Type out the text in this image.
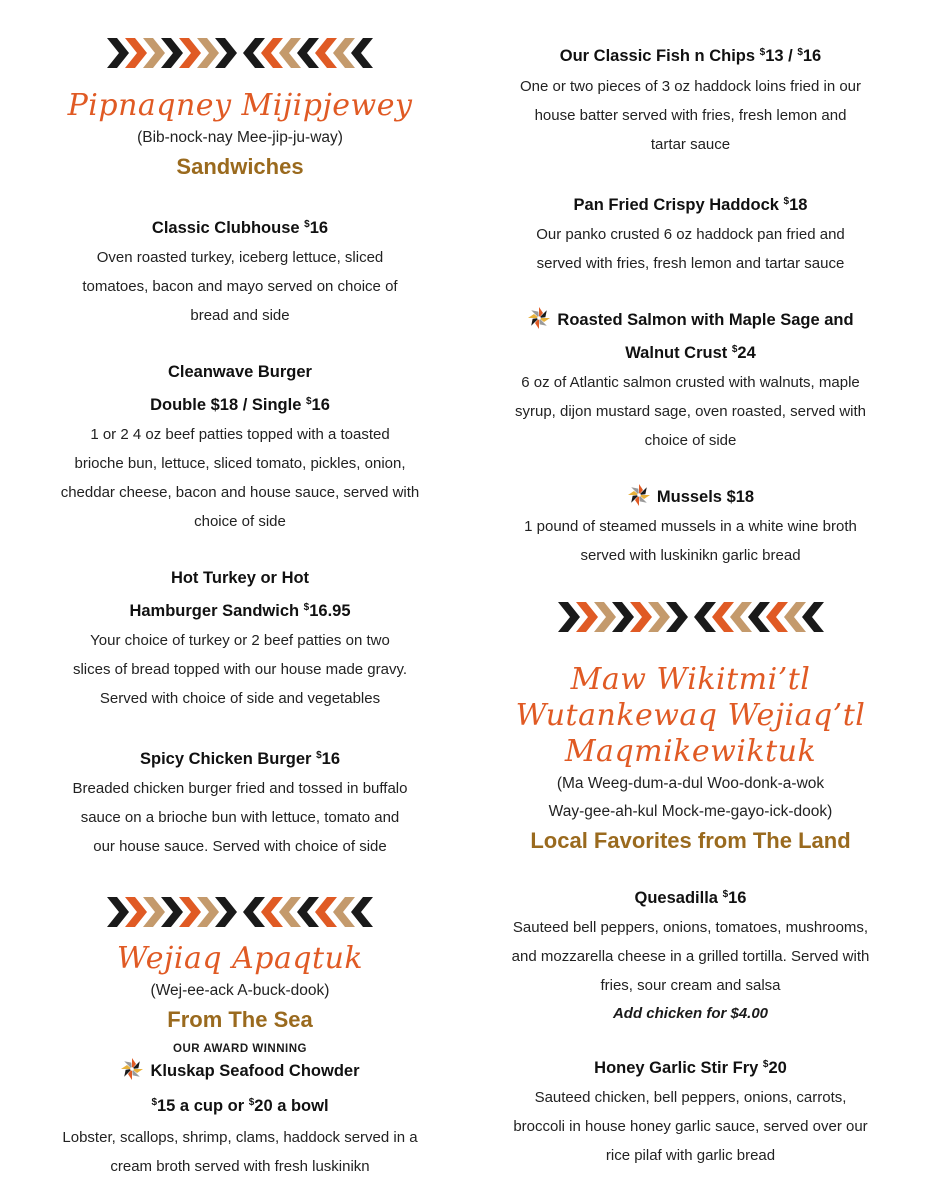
Pipnaqney Mijipjewey
(Bib-nock-nay Mee-jip-ju-way)
Sandwiches
Classic Clubhouse $16
Oven roasted turkey, iceberg lettuce, sliced
tomatoes, bacon and mayo served on choice of
bread and side
Cleanwave Burger
Double $18 / Single $16
1 or 2 4 oz beef patties topped with a toasted
brioche bun, lettuce, sliced tomato, pickles, onion,
cheddar cheese, bacon and house sauce, served with
choice of side
Hot Turkey or Hot
Hamburger Sandwich $16.95
Your choice of turkey or 2 beef patties on two
slices of bread topped with our house made gravy.
Served with choice of side and vegetables
Spicy Chicken Burger $16
Breaded chicken burger fried and tossed in buffalo
sauce on a brioche bun with lettuce, tomato and
our house sauce. Served with choice of side
Wejiaq Apaqtuk
(Wej-ee-ack A-buck-dook)
From The Sea
OUR AWARD WINNING
Kluskap Seafood Chowder
$15 a cup or $20 a bowl
Lobster, scallops, shrimp, clams, haddock served in a
cream broth served with fresh luskinikn
Our Classic Fish n Chips $13 / $16
One or two pieces of 3 oz haddock loins fried in our
house batter served with fries, fresh lemon and
tartar sauce
Pan Fried Crispy Haddock $18
Our panko crusted 6 oz haddock pan fried and
served with fries, fresh lemon and tartar sauce
Roasted Salmon with Maple Sage and
Walnut Crust $24
6 oz of Atlantic salmon crusted with walnuts, maple
syrup, dijon mustard sage, oven roasted, served with
choice of side
Mussels $18
1 pound of steamed mussels in a white wine broth
served with luskinikn garlic bread
Maw Wikitmi’tl
Wutankewaq Wejiaq’tl
Maqmikewiktuk
(Ma Weeg-dum-a-dul Woo-donk-a-wok
Way-gee-ah-kul Mock-me-gayo-ick-dook)
Local Favorites from The Land
Quesadilla $16
Sauteed bell peppers, onions, tomatoes, mushrooms,
and mozzarella cheese in a grilled tortilla. Served with
fries, sour cream and salsa
Add chicken for $4.00
Honey Garlic Stir Fry $20
Sauteed chicken, bell peppers, onions, carrots,
broccoli in house honey garlic sauce, served over our
rice pilaf with garlic bread
